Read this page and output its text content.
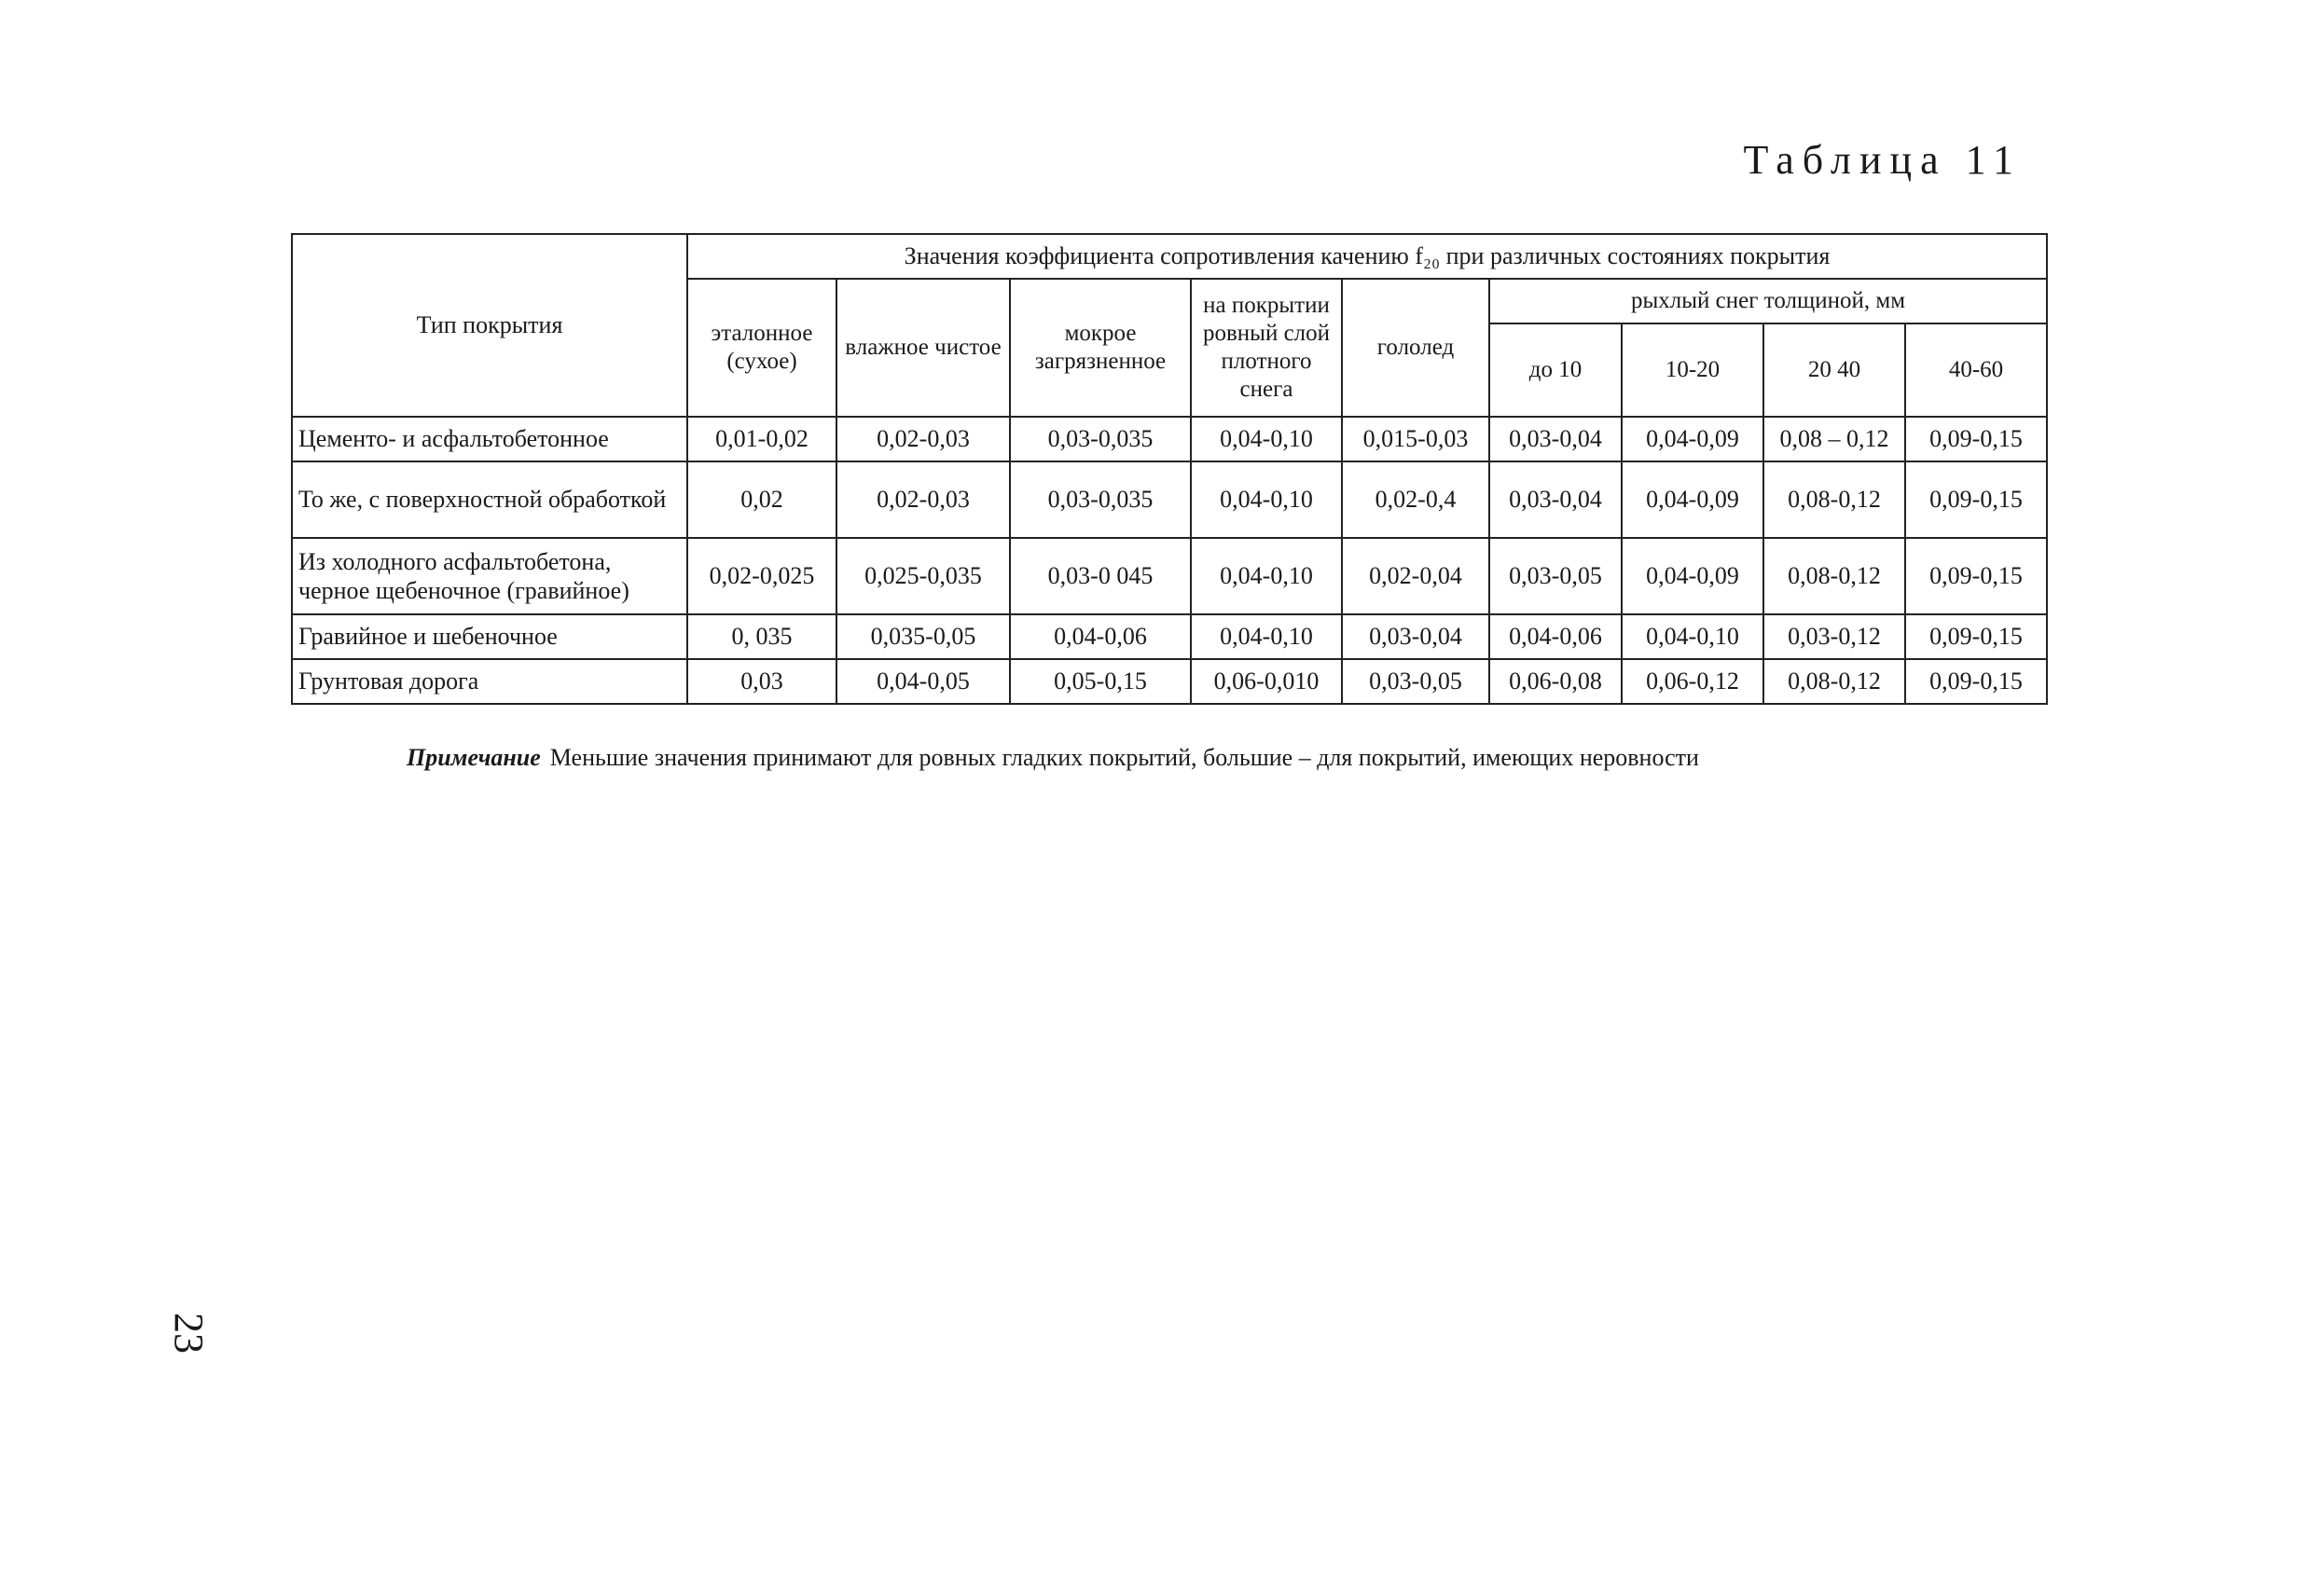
Таблица 11
Тип покрытия	Значения коэффициента сопротивления качению f₂₀ при различных состояниях покрытия								
	эталонное (сухое)	влажное чистое	мокрое загрязненное	на покрытии ровный слой плотного снега	гололед	рыхлый снег толщиной, мм			
						до 10	10-20	20 40	40-60
Цементо- и асфальтобетонное	0,01-0,02	0,02-0,03	0,03-0,035	0,04-0,10	0,015-0,03	0,03-0,04	0,04-0,09	0,08 – 0,12	0,09-0,15
То же, с поверхностной обработкой	0,02	0,02-0,03	0,03-0,035	0,04-0,10	0,02-0,4	0,03-0,04	0,04-0,09	0,08-0,12	0,09-0,15
Из холодного асфальтобетона, черное щебеночное (гравийное)	0,02-0,025	0,025-0,035	0,03-0 045	0,04-0,10	0,02-0,04	0,03-0,05	0,04-0,09	0,08-0,12	0,09-0,15
Гравийное и шебеночное	0, 035	0,035-0,05	0,04-0,06	0,04-0,10	0,03-0,04	0,04-0,06	0,04-0,10	0,03-0,12	0,09-0,15
Грунтовая дорога	0,03	0,04-0,05	0,05-0,15	0,06-0,010	0,03-0,05	0,06-0,08	0,06-0,12	0,08-0,12	0,09-0,15
Примечание Меньшие значения принимают для ровных гладких покрытий, большие – для покрытий, имеющих неровности
23
